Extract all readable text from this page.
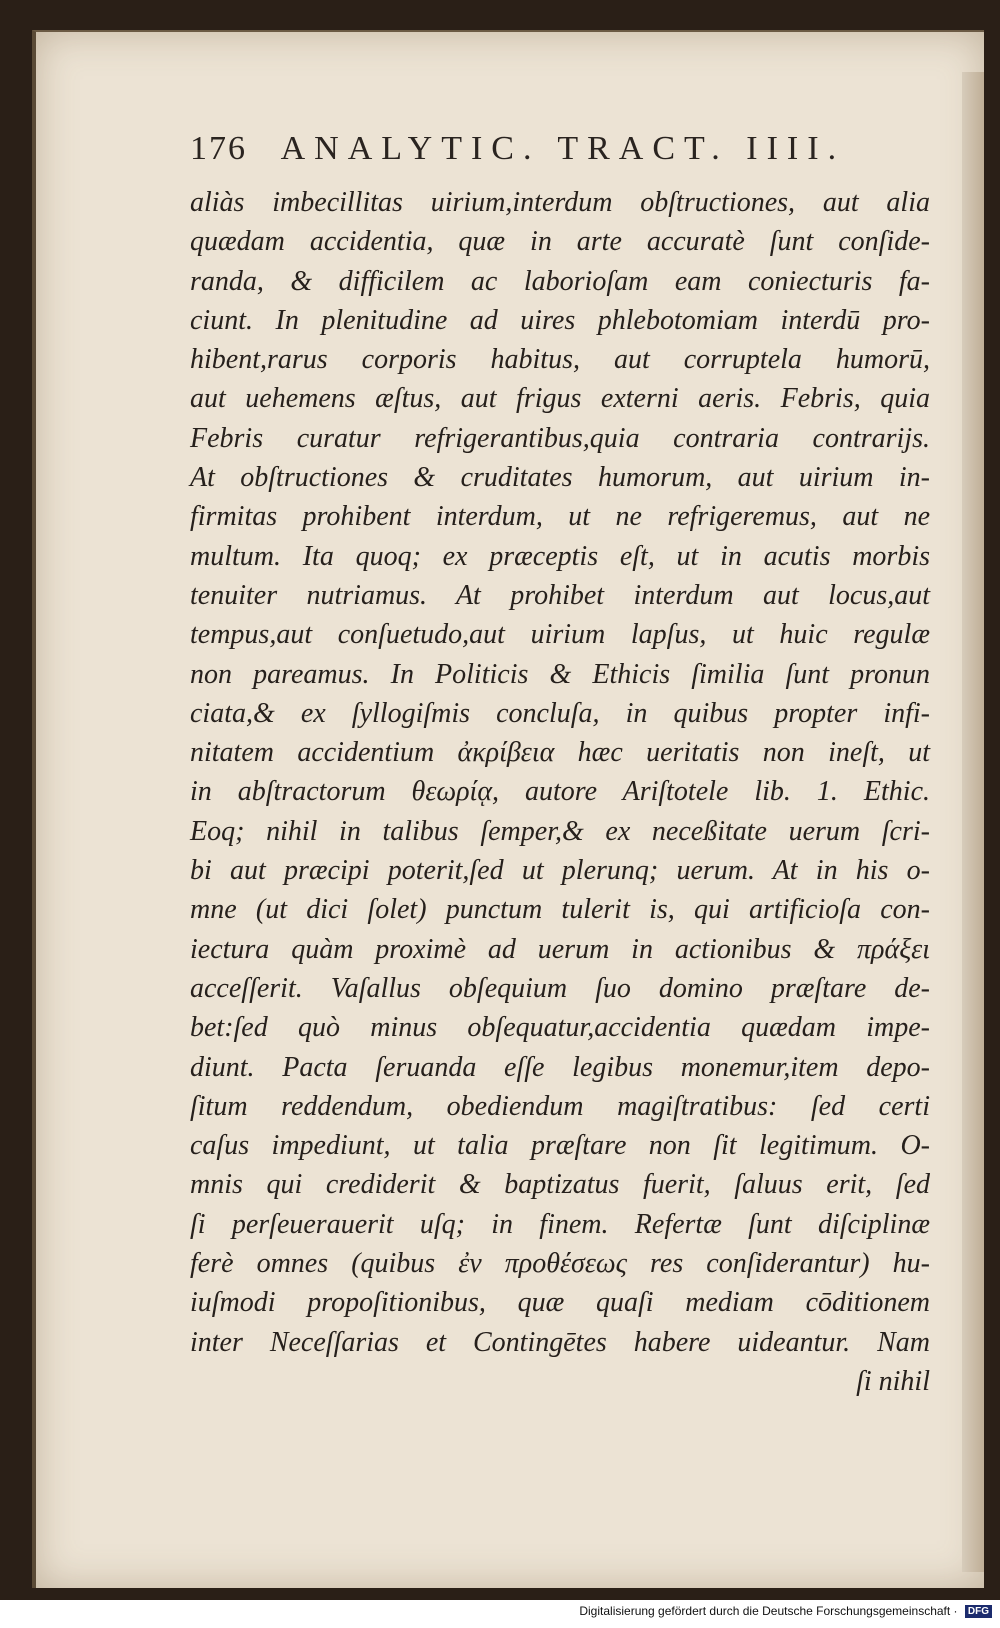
176 ANALYTIC. TRACT. IIII.
aliàs imbecillitas uirium,interdum obſtructiones, aut alia
quædam accidentia, quæ in arte accuratè ſunt conſide-
randa, & difficilem ac laborioſam eam coniecturis fa-
ciunt. In plenitudine ad uires phlebotomiam interdū pro-
hibent,rarus corporis habitus, aut corruptela humorū,
aut uehemens æſtus, aut frigus externi aeris. Febris, quia
Febris curatur refrigerantibus,quia contraria contrarijs.
At obſtructiones & cruditates humorum, aut uirium in-
firmitas prohibent interdum, ut ne refrigeremus, aut ne
multum. Ita quoq; ex præceptis eſt, ut in acutis morbis
tenuiter nutriamus. At prohibet interdum aut locus,aut
tempus,aut conſuetudo,aut uirium lapſus, ut huic regulæ
non pareamus. In Politicis & Ethicis ſimilia ſunt pronun
ciata,& ex ſyllogiſmis concluſa, in quibus propter infi-
nitatem accidentium ἀκρίβεια hæc ueritatis non ineſt, ut
in abſtractorum θεωρίᾳ, autore Ariſtotele lib. 1. Ethic.
Eoq; nihil in talibus ſemper,& ex neceßitate uerum ſcri-
bi aut præcipi poterit,ſed ut plerunq; uerum. At in his o-
mne (ut dici ſolet) punctum tulerit is, qui artificioſa con-
iectura quàm proximè ad uerum in actionibus & πράξει
acceſſerit. Vaſallus obſequium ſuo domino præſtare de-
bet:ſed quò minus obſequatur,accidentia quædam impe-
diunt. Pacta ſeruanda eſſe legibus monemur,item depo-
ſitum reddendum, obediendum magiſtratibus: ſed certi
caſus impediunt, ut talia præſtare non ſit legitimum. O-
mnis qui crediderit & baptizatus fuerit, ſaluus erit, ſed
ſi perſeuerauerit uſq; in finem. Refertæ ſunt diſciplinæ
ferè omnes (quibus ἐν προθέσεως res conſiderantur) hu-
iuſmodi propoſitionibus, quæ quaſi mediam cōditionem
inter Neceſſarias et Contingētes habere uideantur. Nam
ſi nihil
Digitalisierung gefördert durch die Deutsche Forschungsgemeinschaft · DFG
